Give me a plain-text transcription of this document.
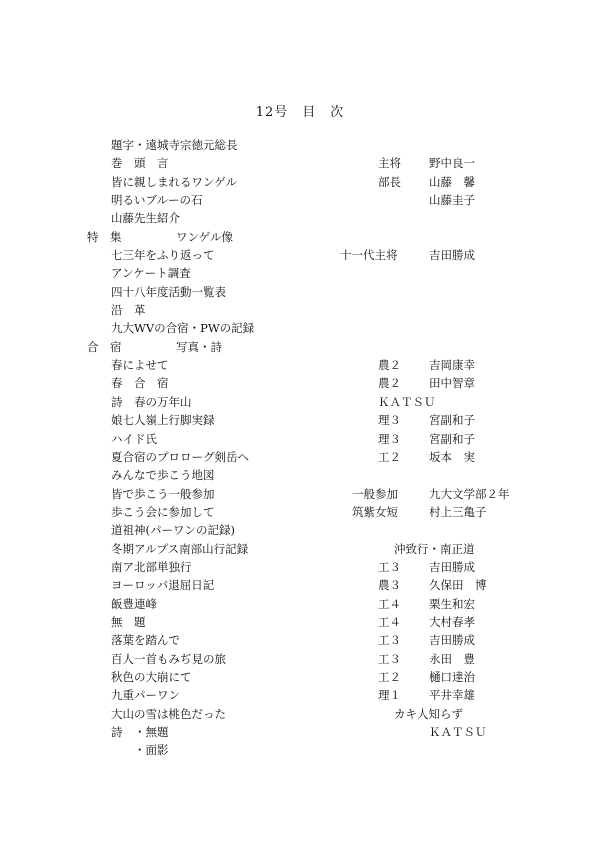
12号 目 次
題字・遠城寺宗徳元総長
巻　頭　言	主将 野中良一
皆に親しまれるワンゲル	部長 山藤　馨
明るいブルーの石	山藤圭子
山藤先生紹介
特　集	ワンゲル像
七三年をふり返って	十一代主将	吉田勝成
アンケート調査
四十八年度活動一覧表
沿　革
九大WVの合宿・PWの記録
合　宿	写真・詩
春によせて	農２ 吉岡康幸
春　合　宿	農２ 田中智章
詩　春の万年山	ＫＡＴＳＵ
娘七人嶺上行脚実録	理３ 宮副和子
ハイド氏	理３ 宮副和子
夏合宿のプロローグ剣岳へ	工２ 坂本　実
みんなで歩こう地図
皆で歩こう一般参加	一般参加	九大文学部２年
歩こう会に参加して	筑紫女短	村上三亀子
道祖神(パーワンの記録)
冬期アルプス南部山行記録	沖致行・南正道
南ア北部単独行	工３ 吉田勝成
ヨーロッパ退屈日記	農３ 久保田　博
飯豊連峰	工４ 栗生和宏
無　題	工４ 大村春孝
落葉を踏んで	工３ 吉田勝成
百人一首もみぢ見の旅	工３ 永田　豊
秋色の大崩にて	工２ 樋口達治
九重パーワン	理１ 平井幸雄
大山の雪は桃色だった	カキ人知らず
詩　・無題	ＫＡＴＳＵ
　　・面影
